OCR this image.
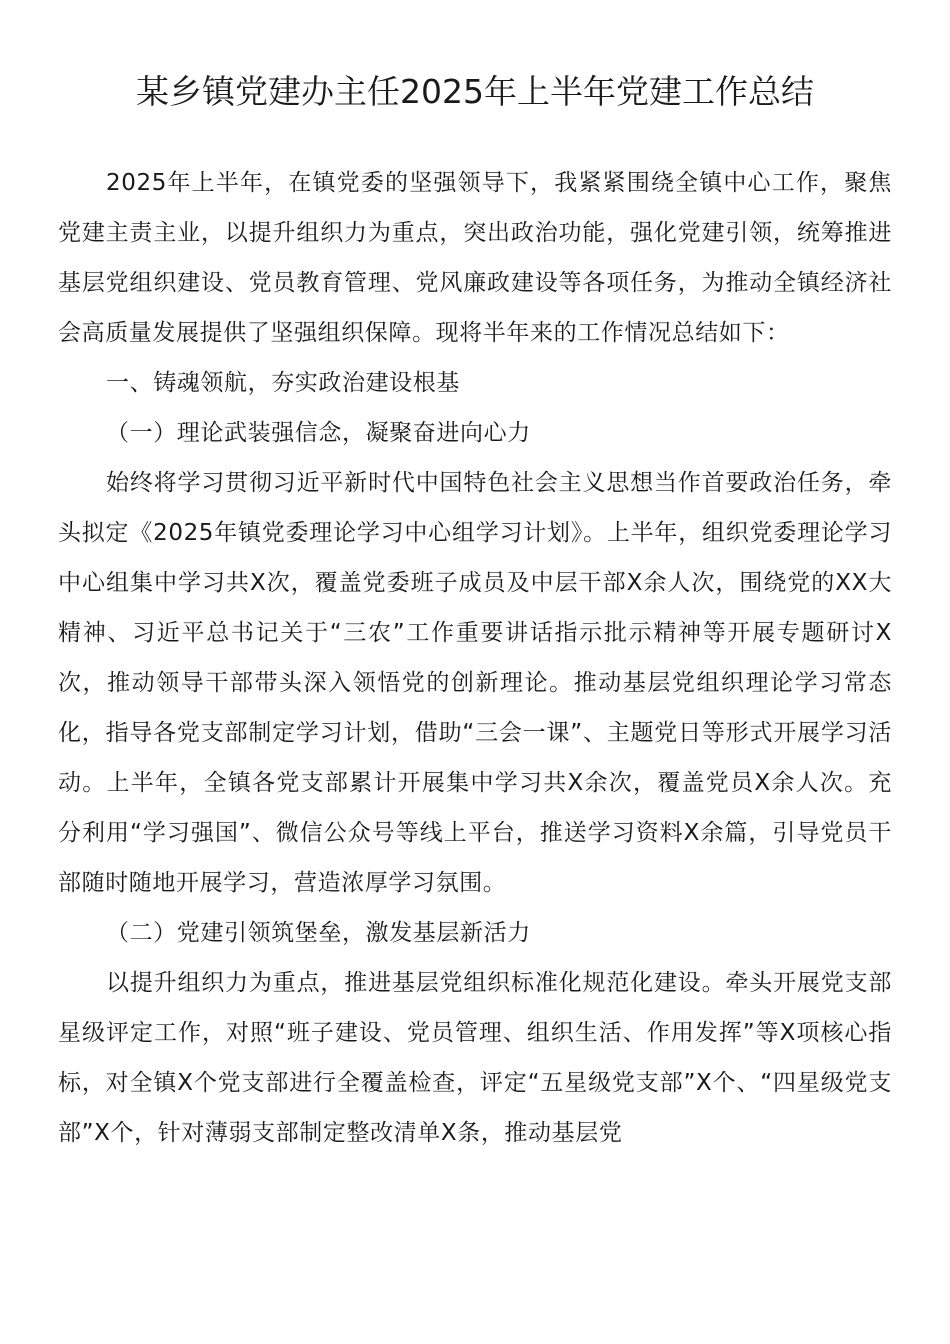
某乡镇党建办主任2025年上半年党建工作总结

2025年上半年，在镇党委的坚强领导下，我紧紧围绕全镇中心工作，聚焦党建主责主业，以提升组织力为重点，突出政治功能，强化党建引领，统筹推进基层党组织建设、党员教育管理、党风廉政建设等各项任务，为推动全镇经济社会高质量发展提供了坚强组织保障。现将半年来的工作情况总结如下：

一、铸魂领航，夯实政治建设根基

（一）理论武装强信念，凝聚奋进向心力

始终将学习贯彻习近平新时代中国特色社会主义思想当作首要政治任务，牵头拟定《2025年镇党委理论学习中心组学习计划》。上半年，组织党委理论学习中心组集中学习共X次，覆盖党委班子成员及中层干部X余人次，围绕党的XX大精神、习近平总书记关于“三农”工作重要讲话指示批示精神等开展专题研讨X次，推动领导干部带头深入领悟党的创新理论。推动基层党组织理论学习常态化，指导各党支部制定学习计划，借助“三会一课”、主题党日等形式开展学习活动。上半年，全镇各党支部累计开展集中学习共X余次，覆盖党员X余人次。充分利用“学习强国”、微信公众号等线上平台，推送学习资料X余篇，引导党员干部随时随地开展学习，营造浓厚学习氛围。

（二）党建引领筑堡垒，激发基层新活力

以提升组织力为重点，推进基层党组织标准化规范化建设。牵头开展党支部星级评定工作，对照“班子建设、党员管理、组织生活、作用发挥”等X项核心指标，对全镇X个党支部进行全覆盖检查，评定“五星级党支部”X个、“四星级党支部”X个，针对薄弱支部制定整改清单X条，推动基层党
